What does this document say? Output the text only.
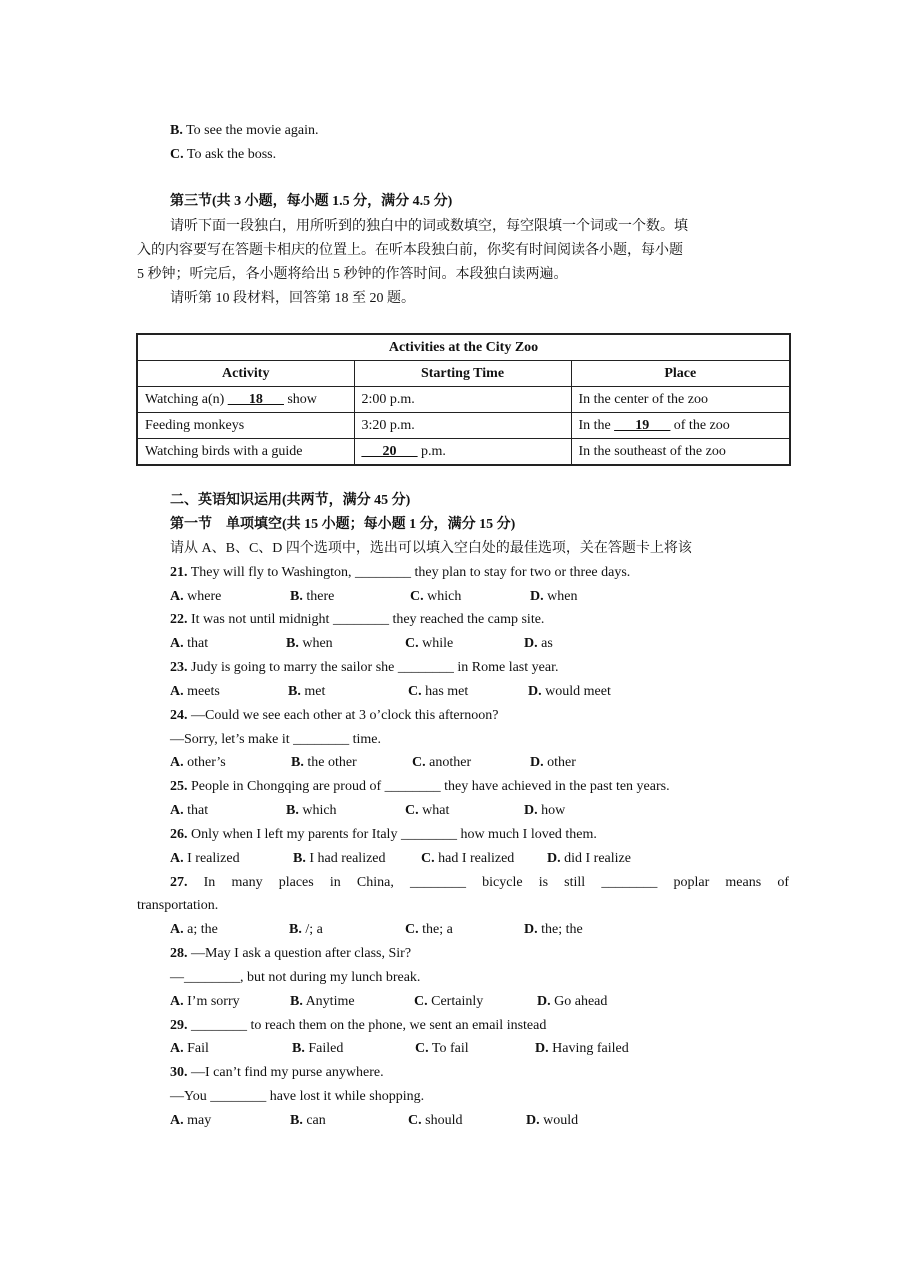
B. To see the movie again.
C. To ask the boss.
第三节(共 3 小题，每小题 1.5 分，满分 4.5 分)
请听下面一段独白，用所听到的独白中的词或数填空，每空限填一个词或一个数。填
入的内容要写在答题卡相庆的位置上。在听本段独白前，你奖有时间阅读各小题，每小题
5 秒钟；听完后，各小题将给出 5 秒钟的作答时间。本段独白读两遍。
请听第 10 段材料，回答第 18 至 20 题。
Activities at the City Zoo		
Activity	Starting Time	Place
Watching a(n) ___18___ show	2:00 p.m.	In the center of the zoo
Feeding monkeys	3:20 p.m.	In the ___19___ of the zoo
Watching birds with a guide	___20___ p.m.	In the southeast of the zoo
二、英语知识运用(共两节，满分 45 分)
第一节　单项填空(共 15 小题；每小题 1 分，满分 15 分)
请从 A、B、C、D 四个选项中，选出可以填入空白处的最佳选项，关在答题卡上将该
21. They will fly to Washington, ________ they plan to stay for two or three days.
A. where	B. there	C. which	D. when
22. It was not until midnight ________ they reached the camp site.
A. that	B. when	C. while	D. as
23. Judy is going to marry the sailor she ________ in Rome last year.
A. meets	B. met	C. has met	D. would meet
24. —Could we see each other at 3 o’clock this afternoon?
—Sorry, let’s make it ________ time.
A. other’s	B. the other	C. another	D. other
25. People in Chongqing are proud of ________ they have achieved in the past ten years.
A. that	B. which	C. what	D. how
26. Only when I left my parents for Italy ________ how much I loved them.
A. I realized	B. I had realized	C. had I realized D. did I realize
27. In many places in China, ________ bicycle is still ________ poplar means of
transportation.
A. a; the	B. /; a	C. the; a	D. the; the
28. —May I ask a question after class, Sir?
—________, but not during my lunch break.
A. I’m sorry	B. Anytime	C. Certainly	D. Go ahead
29. ________ to reach them on the phone, we sent an email instead
A. Fail	B. Failed	C. To fail	D. Having failed
30. —I can’t find my purse anywhere.
—You ________ have lost it while shopping.
A. may	B. can	C. should	D. would
